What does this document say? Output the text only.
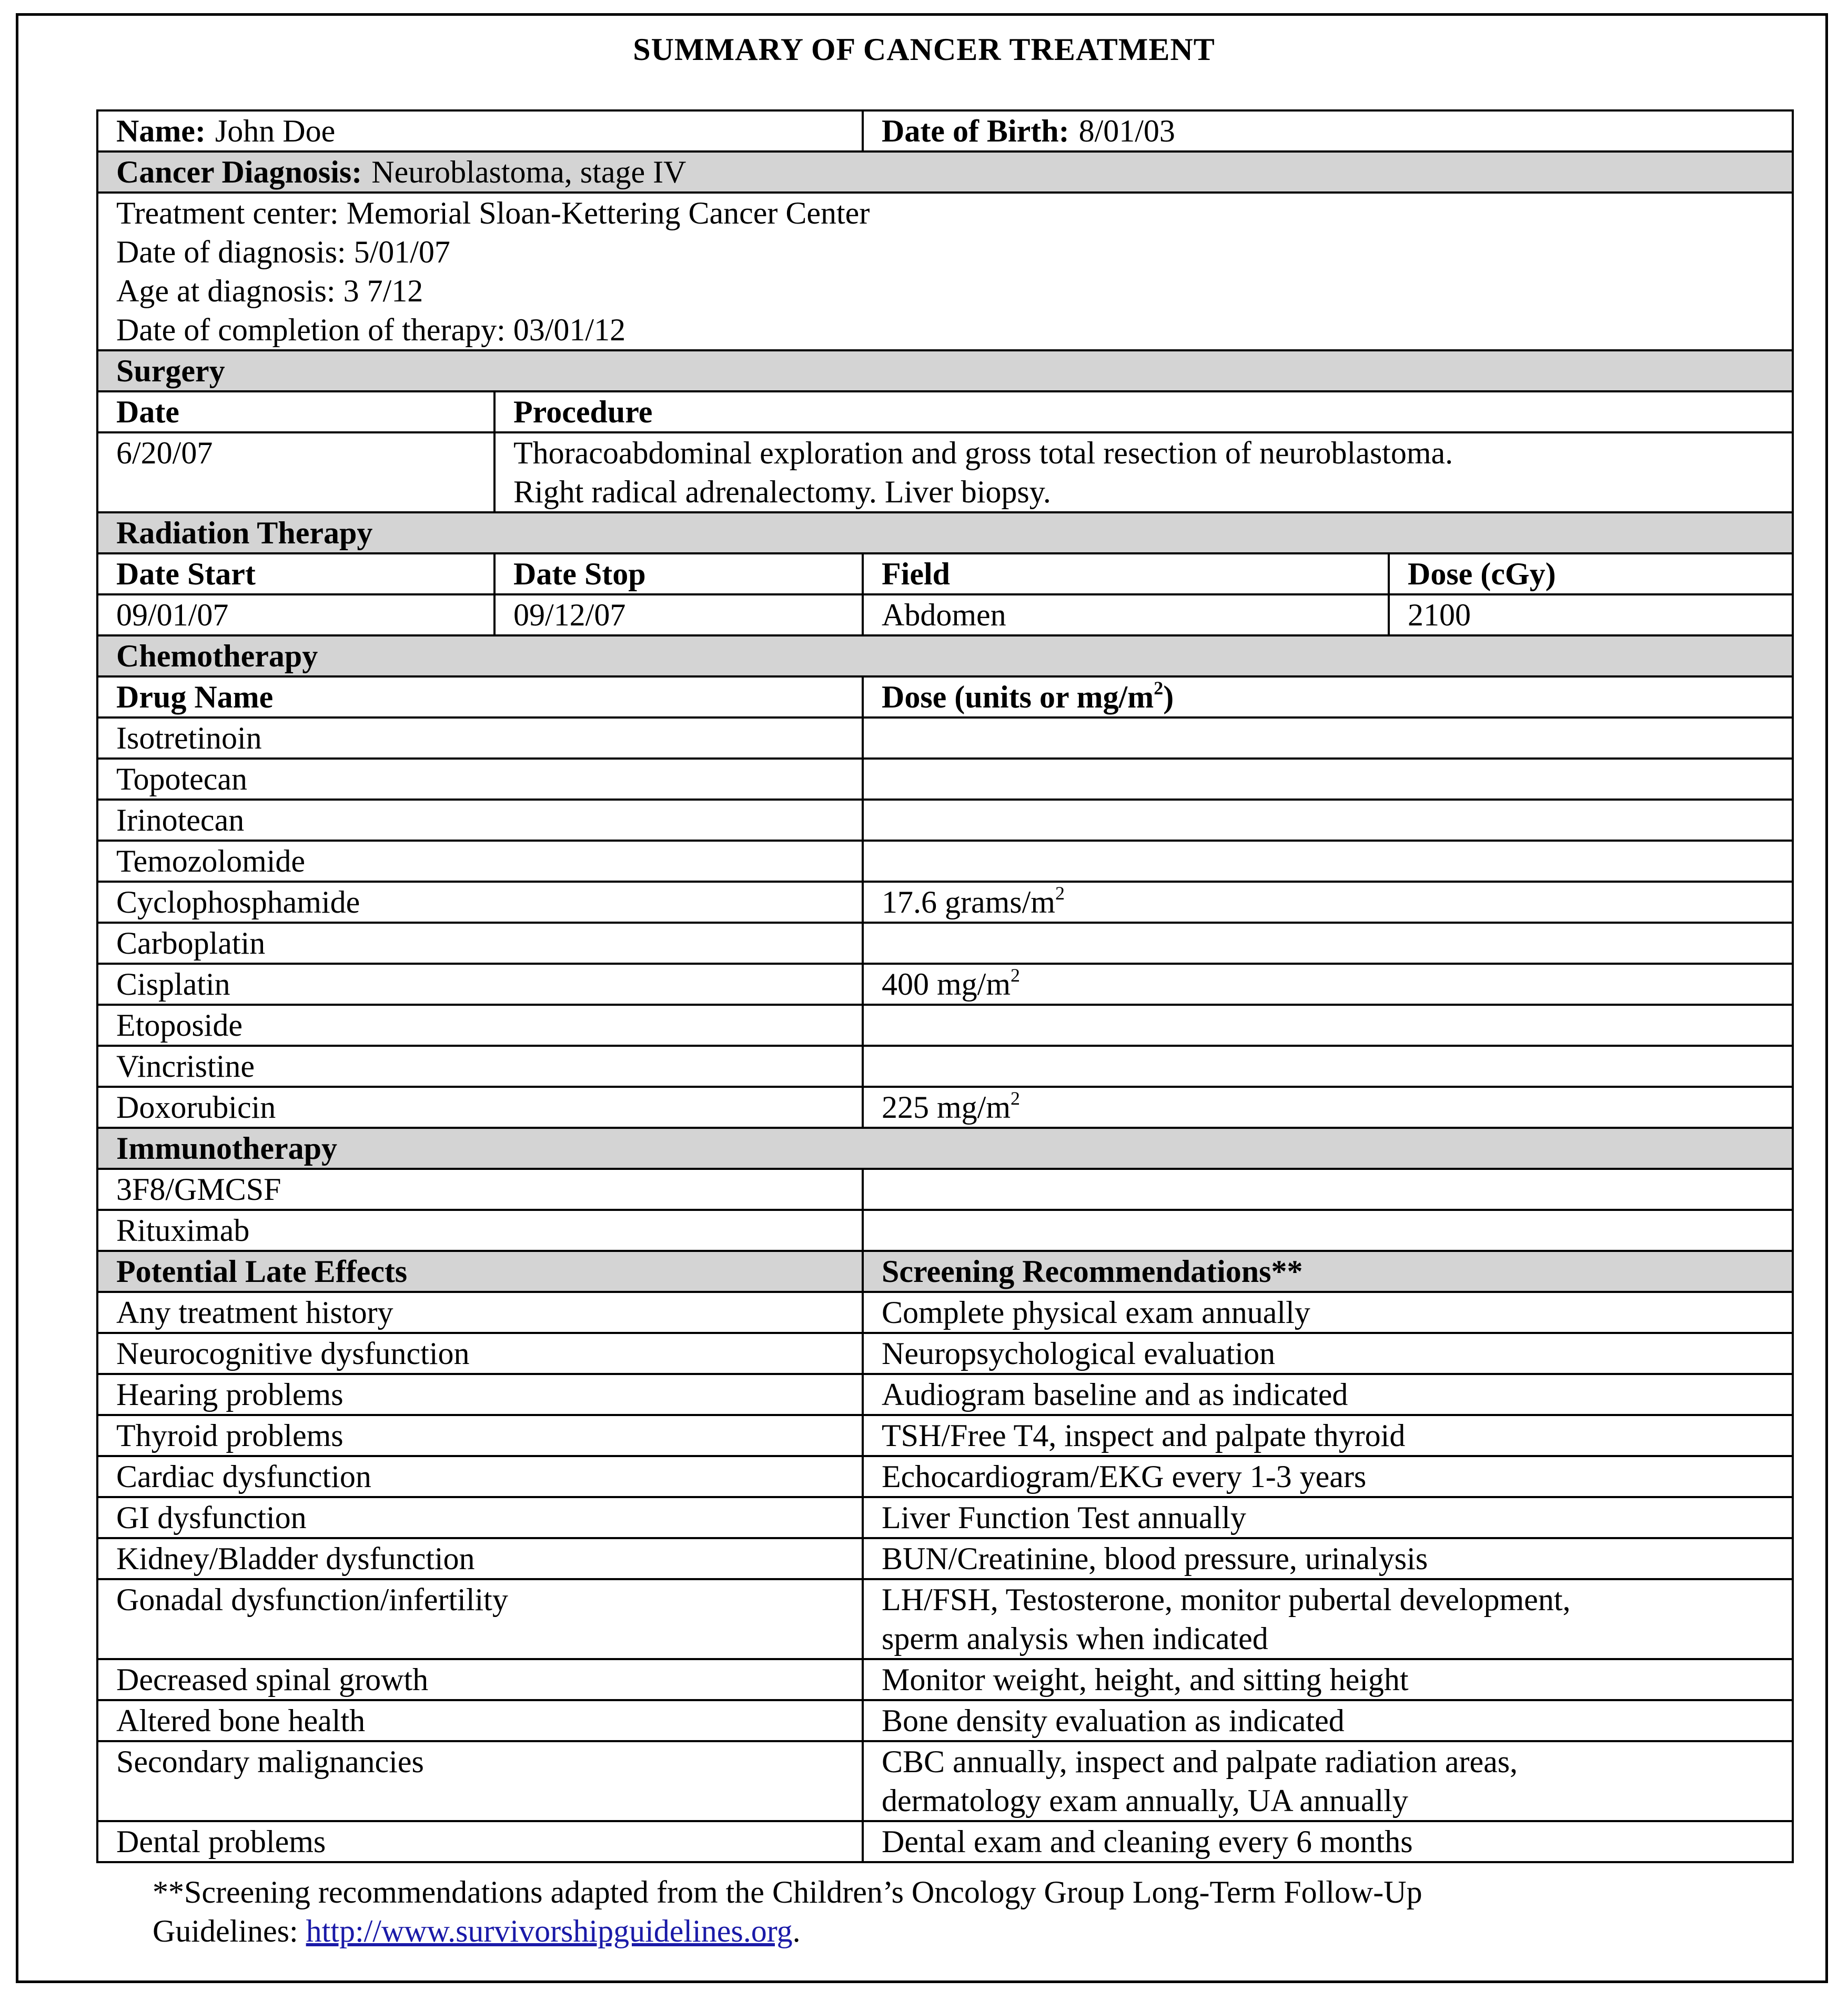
SUMMARY OF CANCER TREATMENT
Name: John Doe		Date of Birth: 8/01/03	
Cancer Diagnosis: Neuroblastoma, stage IV			

Treatment center: Memorial Sloan-Kettering Cancer Center
Date of diagnosis: 5/01/07
Age at diagnosis: 3 7/12
Date of completion of therapy: 03/01/12			

Surgery			
Date	Procedure		
6/20/07	Thoracoabdominal exploration and gross total resection of neuroblastoma.
Right radical adrenalectomy. Liver biopsy.		

Radiation Therapy			
Date Start	Date Stop	Field	Dose (cGy)
09/01/07	09/12/07	Abdomen	2100
Chemotherapy			
Drug Name		Dose (units or $mg/m^2$)	
Isotretinoin			
Topotecan			
Irinotecan			
Temozolomide			
Cyclophosphamide		17.6 grams/$m^2$
Carboplatin			
Cisplatin		400 $mg/m^2$
Etoposide			
Vincristine			
Doxorubicin		225 $mg/m^2$
Immunotherapy			
3F8/GMCSF			
Rituximab			
Potential Late Effects		Screening Recommendations**	
Any treatment history		Complete physical exam annually	

Neurocognitive dysfunction		Neuropsychological evaluation	

Hearing problems		Audiogram baseline and as indicated	

Thyroid problems		TSH/Free T4, inspect and palpate thyroid	

Cardiac dysfunction		Echocardiogram/EKG every 1-3 years	

GI dysfunction		Liver Function Test annually	

Kidney/Bladder dysfunction		BUN/Creatinine, blood pressure, urinalysis	

Gonadal dysfunction/infertility		LH/FSH, Testosterone, monitor pubertal development,
sperm analysis when indicated	

Decreased spinal growth		Monitor weight, height, and sitting height	

Altered bone health		Bone density evaluation as indicated	

Secondary malignancies		CBC annually, inspect and palpate radiation areas,
dermatology exam annually, UA annually	

Dental problems		Dental exam and cleaning every 6 months	
**Screening recommendations adapted from the Children’s Oncology Group Long-Term Follow-Up
Guidelines: http://www.survivorshipguidelines.org.
